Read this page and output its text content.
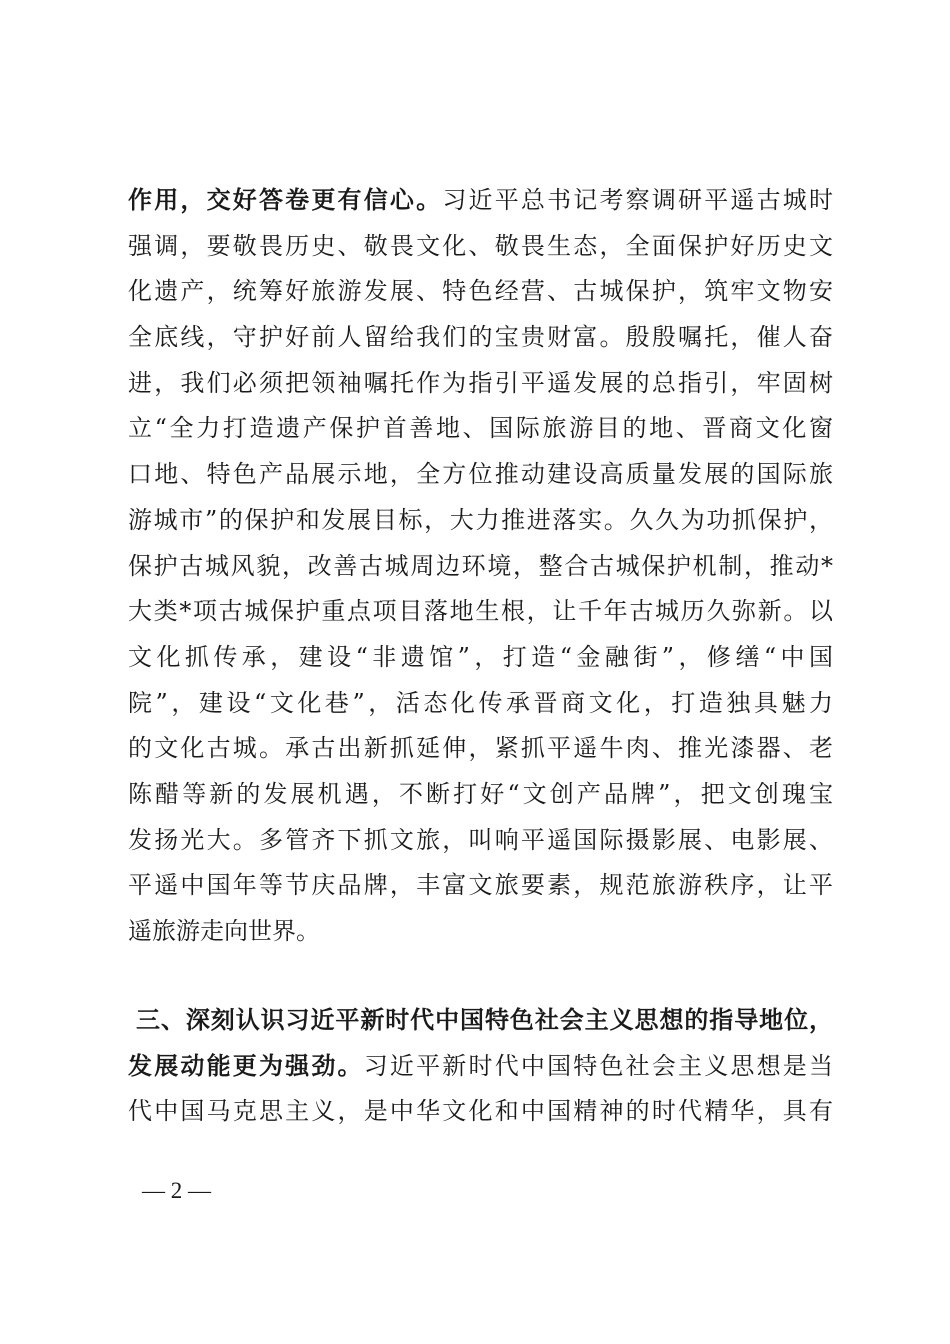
作用，交好答卷更有信心。习近平总书记考察调研平遥古城时
强调，要敬畏历史、敬畏文化、敬畏生态，全面保护好历史文
化遗产，统筹好旅游发展、特色经营、古城保护，筑牢文物安
全底线，守护好前人留给我们的宝贵财富。殷殷嘱托，催人奋
进，我们必须把领袖嘱托作为指引平遥发展的总指引，牢固树
立“全力打造遗产保护首善地、国际旅游目的地、晋商文化窗
口地、特色产品展示地，全方位推动建设高质量发展的国际旅
游城市”的保护和发展目标，大力推进落实。久久为功抓保护，
保护古城风貌，改善古城周边环境，整合古城保护机制，推动*
大类*项古城保护重点项目落地生根，让千年古城历久弥新。以
文化抓传承，建设“非遗馆”，打造“金融街”，修缮“中国
院”，建设“文化巷”，活态化传承晋商文化，打造独具魅力
的文化古城。承古出新抓延伸，紧抓平遥牛肉、推光漆器、老
陈醋等新的发展机遇，不断打好“文创产品牌”，把文创瑰宝
发扬光大。多管齐下抓文旅，叫响平遥国际摄影展、电影展、
平遥中国年等节庆品牌，丰富文旅要素，规范旅游秩序，让平
遥旅游走向世界。
三、深刻认识习近平新时代中国特色社会主义思想的指导地位，
发展动能更为强劲。习近平新时代中国特色社会主义思想是当
代中国马克思主义，是中华文化和中国精神的时代精华，具有
— 2 —
